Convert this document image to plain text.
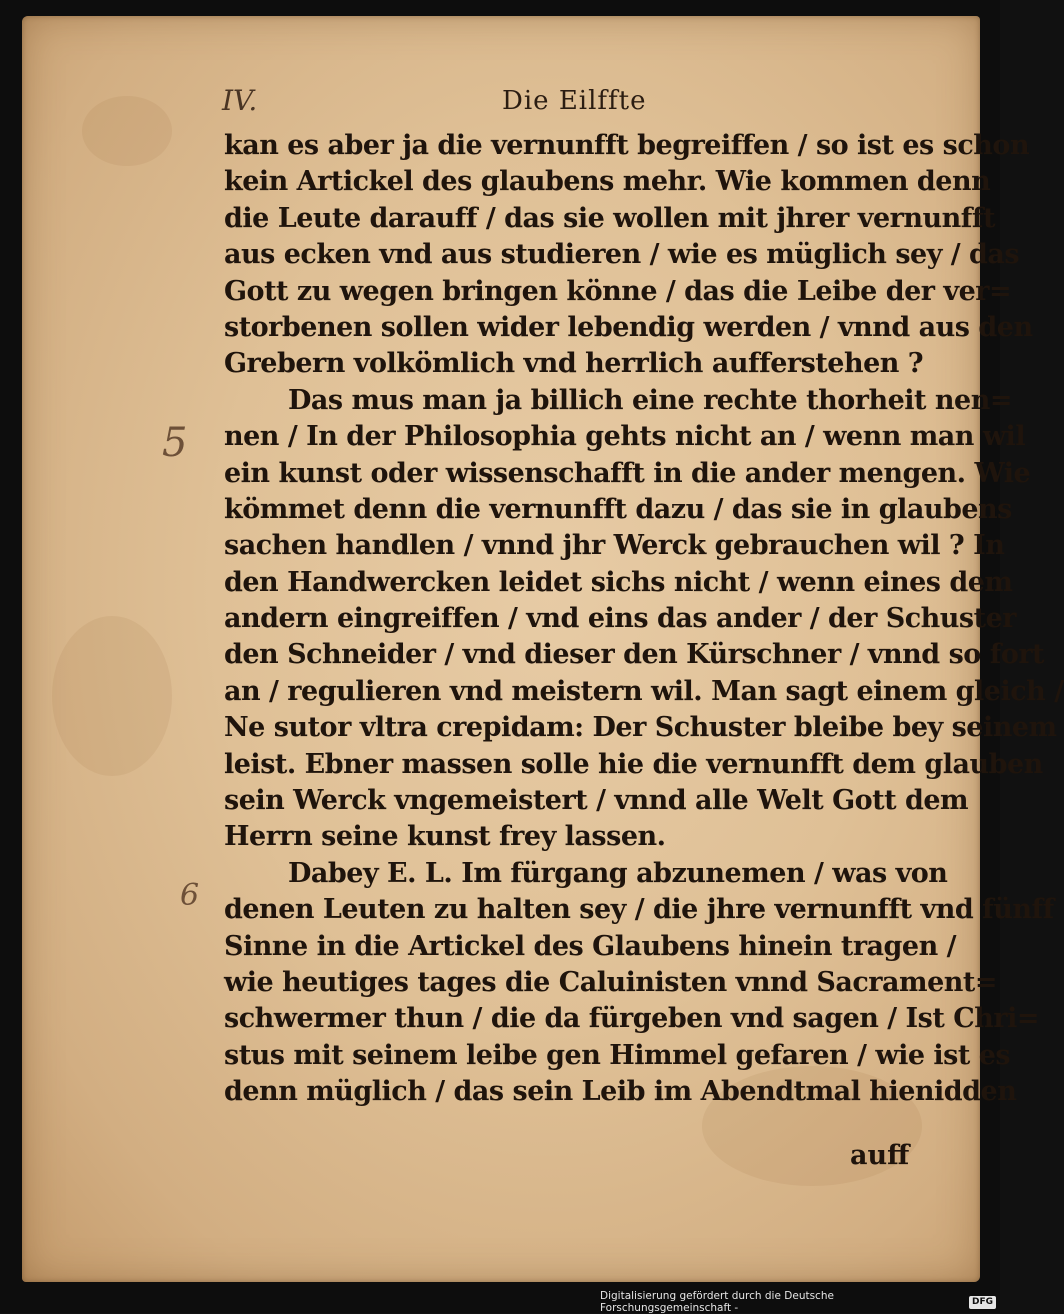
IV.	Die Eilffte
5
6
kan es aber ja die vernunfft begreiffen / so ist es schon
kein Artickel des glaubens mehr. Wie kommen denn
die Leute darauff / das sie wollen mit jhrer vernunfft
aus ecken vnd aus studieren / wie es müglich sey / das
Gott zu wegen bringen könne / das die Leibe der ver=
storbenen sollen wider lebendig werden / vnnd aus den
Grebern volkömlich vnd herrlich aufferstehen ?
Das mus man ja billich eine rechte thorheit nen=
nen / In der Philosophia gehts nicht an / wenn man wil
ein kunst oder wissenschafft in die ander mengen. Wie
kömmet denn die vernunfft dazu / das sie in glaubens
sachen handlen / vnnd jhr Werck gebrauchen wil ? In
den Handwercken leidet sichs nicht / wenn eines dem
andern eingreiffen / vnd eins das ander / der Schuster
den Schneider / vnd dieser den Kürschner / vnnd so fort
an / regulieren vnd meistern wil. Man sagt einem gleich /
Ne sutor vltra crepidam: Der Schuster bleibe bey seinem
leist. Ebner massen solle hie die vernunfft dem glauben
sein Werck vngemeistert / vnnd alle Welt Gott dem
Herrn seine kunst frey lassen.
Dabey E. L. Im fürgang abzunemen / was von
denen Leuten zu halten sey / die jhre vernunfft vnd fünff
Sinne in die Artickel des Glaubens hinein tragen /
wie heutiges tages die Caluinisten vnnd Sacrament=
schwermer thun / die da fürgeben vnd sagen / Ist Chri=
stus mit seinem leibe gen Himmel gefaren / wie ist es
denn müglich / das sein Leib im Abendtmal hienidden
auff
Digitalisierung gefördert durch die Deutsche Forschungsgemeinschaft -
DFG
